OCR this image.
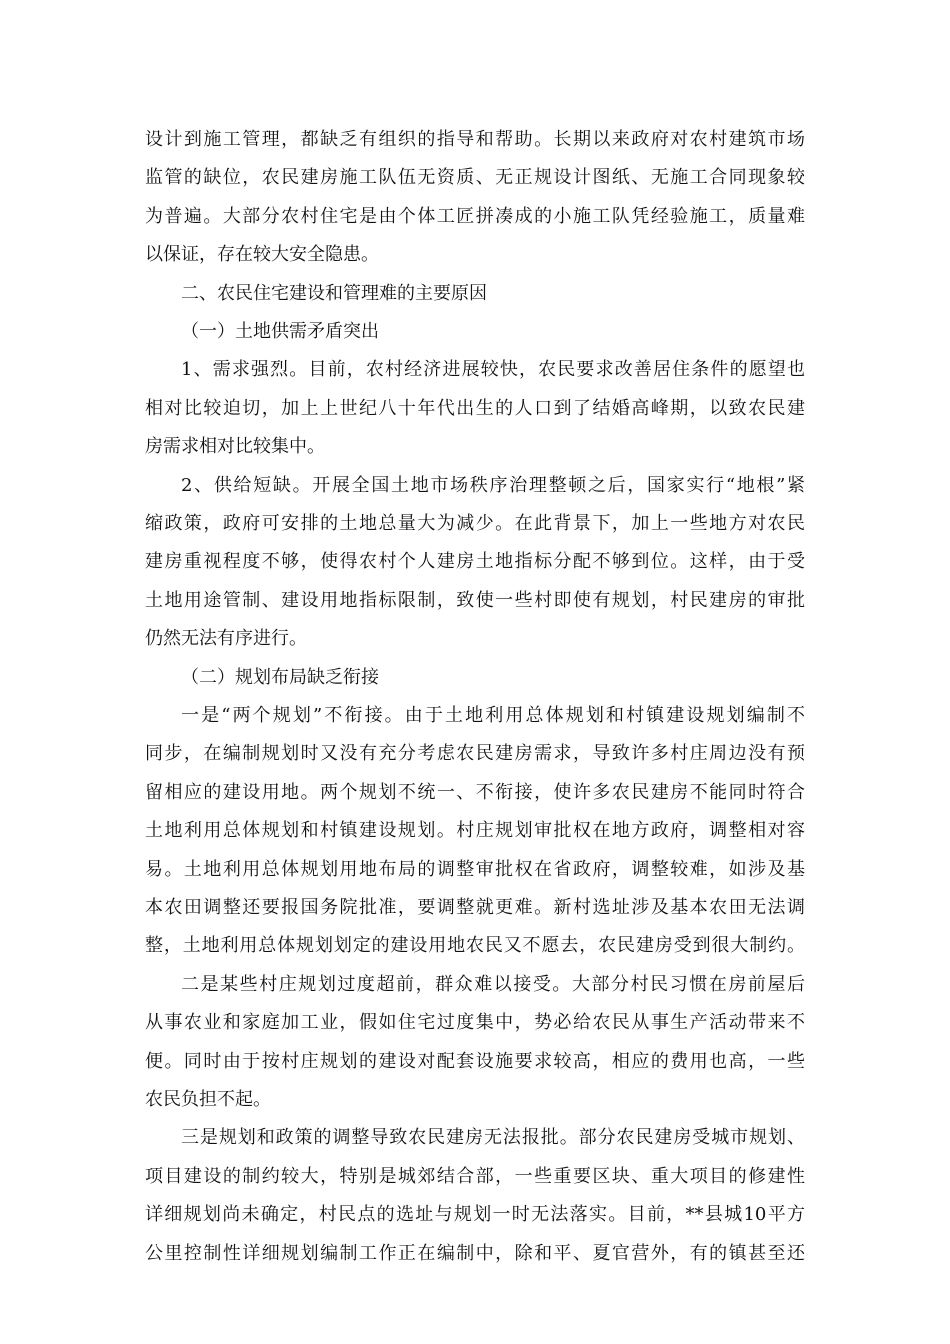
设计到施工管理，都缺乏有组织的指导和帮助。长期以来政府对农村建筑市场
监管的缺位，农民建房施工队伍无资质、无正规设计图纸、无施工合同现象较
为普遍。大部分农村住宅是由个体工匠拼凑成的小施工队凭经验施工，质量难
以保证，存在较大安全隐患。
二、农民住宅建设和管理难的主要原因
（一）土地供需矛盾突出
1、需求强烈。目前，农村经济进展较快，农民要求改善居住条件的愿望也
相对比较迫切，加上上世纪八十年代出生的人口到了结婚高峰期，以致农民建
房需求相对比较集中。
2、供给短缺。开展全国土地市场秩序治理整顿之后，国家实行“地根”紧
缩政策，政府可安排的土地总量大为减少。在此背景下，加上一些地方对农民
建房重视程度不够，使得农村个人建房土地指标分配不够到位。这样，由于受
土地用途管制、建设用地指标限制，致使一些村即使有规划，村民建房的审批
仍然无法有序进行。
（二）规划布局缺乏衔接
一是“两个规划”不衔接。由于土地利用总体规划和村镇建设规划编制不
同步，在编制规划时又没有充分考虑农民建房需求，导致许多村庄周边没有预
留相应的建设用地。两个规划不统一、不衔接，使许多农民建房不能同时符合
土地利用总体规划和村镇建设规划。村庄规划审批权在地方政府，调整相对容
易。土地利用总体规划用地布局的调整审批权在省政府，调整较难，如涉及基
本农田调整还要报国务院批准，要调整就更难。新村选址涉及基本农田无法调
整，土地利用总体规划划定的建设用地农民又不愿去，农民建房受到很大制约。
二是某些村庄规划过度超前，群众难以接受。大部分村民习惯在房前屋后
从事农业和家庭加工业，假如住宅过度集中，势必给农民从事生产活动带来不
便。同时由于按村庄规划的建设对配套设施要求较高，相应的费用也高，一些
农民负担不起。
三是规划和政策的调整导致农民建房无法报批。部分农民建房受城市规划、
项目建设的制约较大，特别是城郊结合部，一些重要区块、重大项目的修建性
详细规划尚未确定，村民点的选址与规划一时无法落实。目前，**县城10平方
公里控制性详细规划编制工作正在编制中，除和平、夏官营外，有的镇甚至还
